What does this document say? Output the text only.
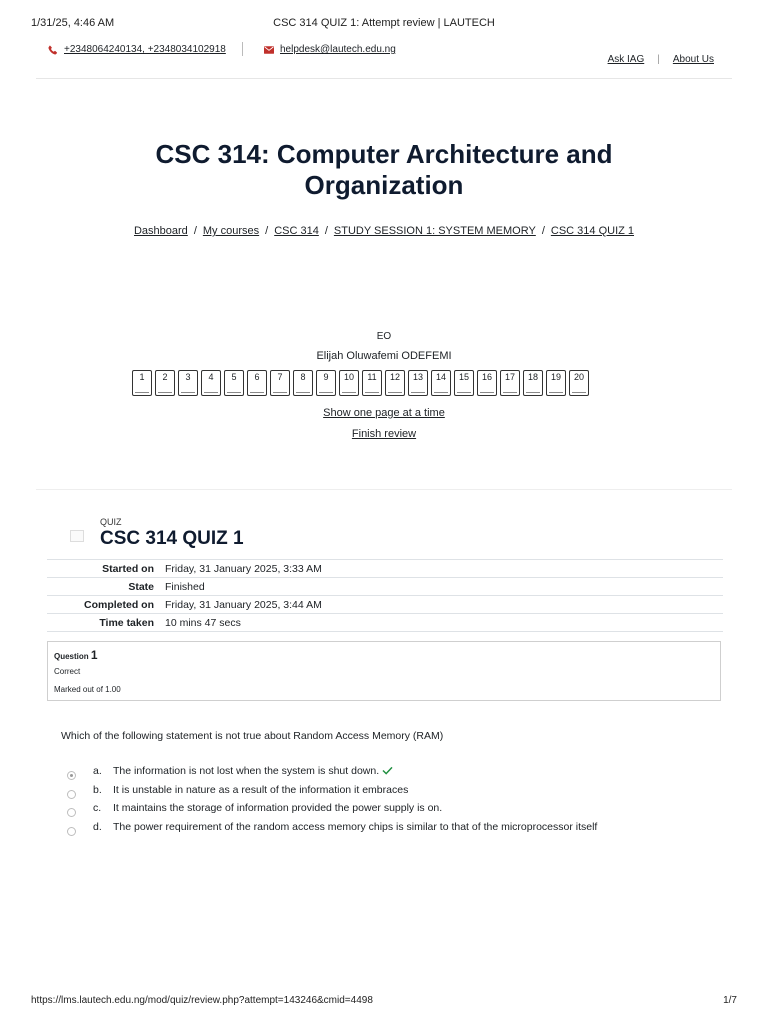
1/31/25, 4:46 AM	CSC 314 QUIZ 1: Attempt review | LAUTECH
+2348064240134, +2348034102918	helpdesk@lautech.edu.ng
Ask IAG | About Us
CSC 314: Computer Architecture and Organization
Dashboard / My courses / CSC 314 / STUDY SESSION 1: SYSTEM MEMORY / CSC 314 QUIZ 1
EO
Elijah Oluwafemi ODEFEMI
1	2	3	4	5	6	7	8	9	10	11	12	13	14	15	16	17	18	19	20
Show one page at a time
Finish review
QUIZ
CSC 314 QUIZ 1
Started on	Friday, 31 January 2025, 3:33 AM
State	Finished
Completed on	Friday, 31 January 2025, 3:44 AM
Time taken	10 mins 47 secs
Question 1
Correct
Marked out of 1.00
Which of the following statement is not true about Random Access Memory (RAM)
a. The information is not lost when the system is shut down.
b. It is unstable in nature as a result of the information it embraces
c. It maintains the storage of information provided the power supply is on.
d. The power requirement of the random access memory chips is similar to that of the microprocessor itself
https://lms.lautech.edu.ng/mod/quiz/review.php?attempt=143246&cmid=4498	1/7
